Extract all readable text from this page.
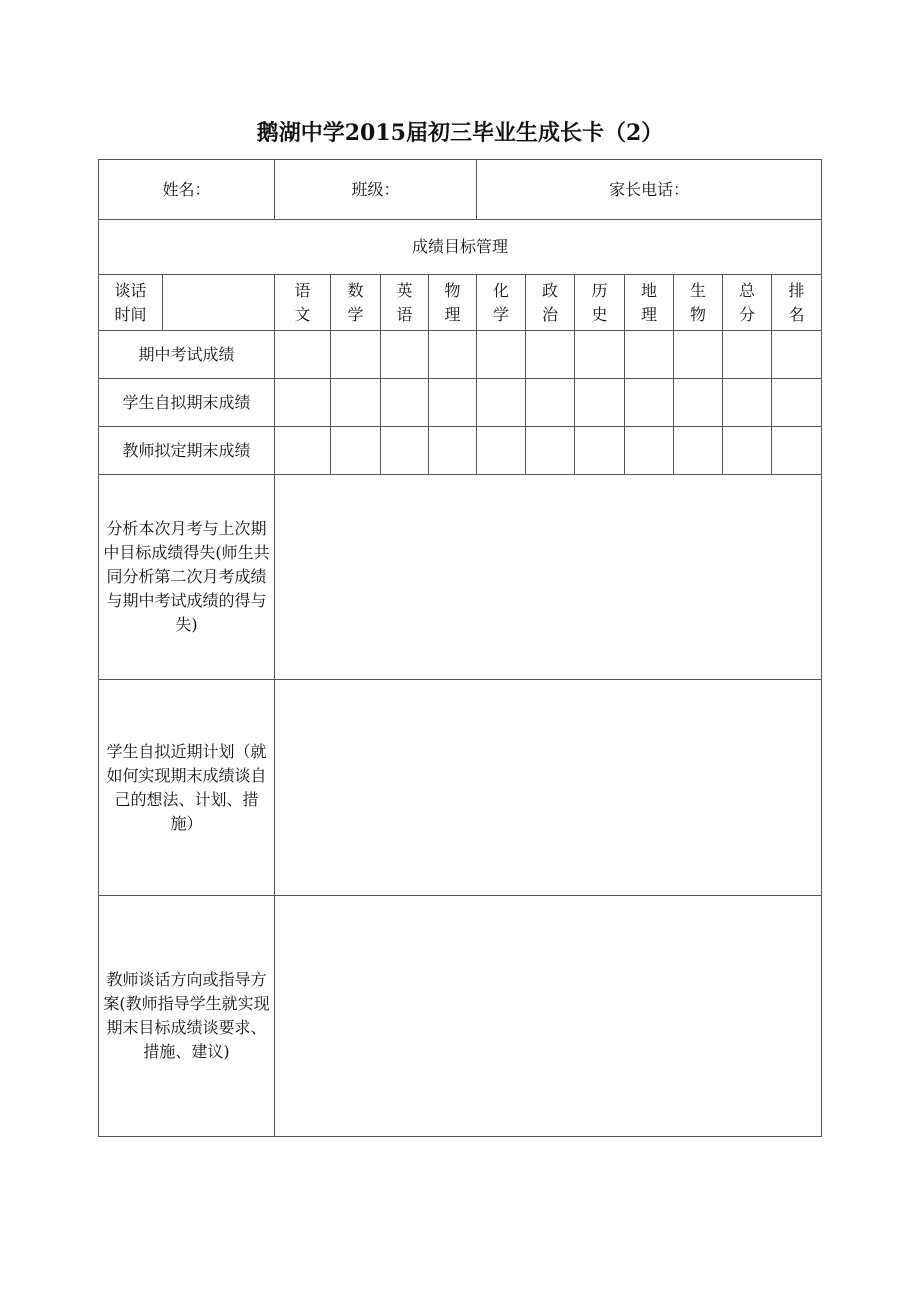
鹅湖中学2015届初三毕业生成长卡（2）
姓名：		班级：				家长电话：						
成绩目标管理												
谈话时间		语文	数学	英语	物理	化学	政治	历史	地理	生物	总分	排名
期中考试成绩												
学生自拟期末成绩												
教师拟定期末成绩												

分析本次月考与上次期中目标成绩得失(师生共同分析第二次月考成绩与期中考试成绩的得与失)												

学生自拟近期计划（就如何实现期末成绩谈自己的想法、计划、措施）												

教师谈话方向或指导方案(教师指导学生就实现期末目标成绩谈要求、措施、建议)												
